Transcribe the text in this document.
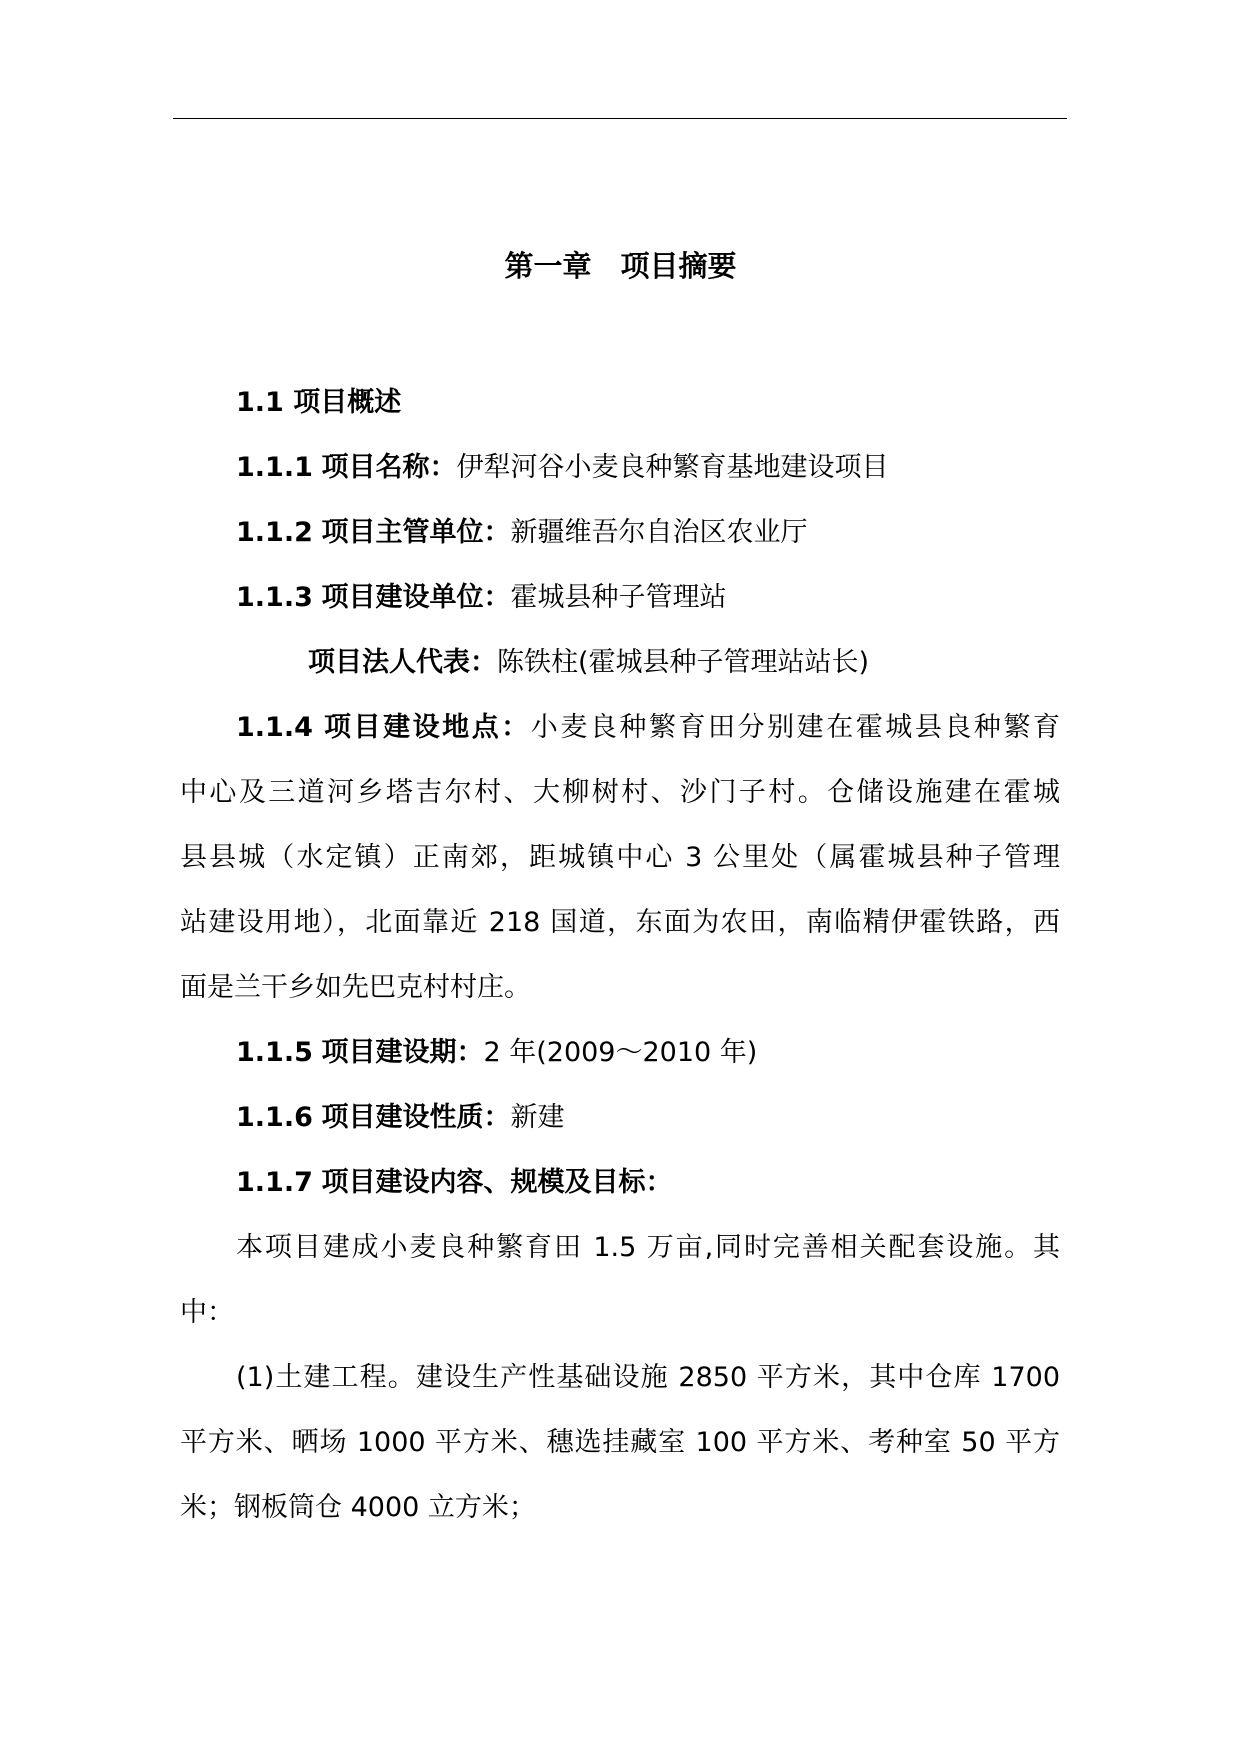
第一章　项目摘要
1.1 项目概述
1.1.1 项目名称：伊犁河谷小麦良种繁育基地建设项目
1.1.2 项目主管单位：新疆维吾尔自治区农业厅
1.1.3 项目建设单位：霍城县种子管理站
项目法人代表：陈铁柱(霍城县种子管理站站长)
1.1.4 项目建设地点：小麦良种繁育田分别建在霍城县良种繁育
中心及三道河乡塔吉尔村、大柳树村、沙门子村。仓储设施建在霍城
县县城（水定镇）正南郊，距城镇中心 3 公里处（属霍城县种子管理
站建设用地），北面靠近 218 国道，东面为农田，南临精伊霍铁路，西
面是兰干乡如先巴克村村庄。
1.1.5 项目建设期：2 年(2009～2010 年)
1.1.6 项目建设性质：新建
1.1.7 项目建设内容、规模及目标：
本项目建成小麦良种繁育田 1.5 万亩,同时完善相关配套设施。其
中：
(1)土建工程。建设生产性基础设施 2850 平方米，其中仓库 1700
平方米、晒场 1000 平方米、穗选挂藏室 100 平方米、考种室 50 平方
米；钢板筒仓 4000 立方米；
